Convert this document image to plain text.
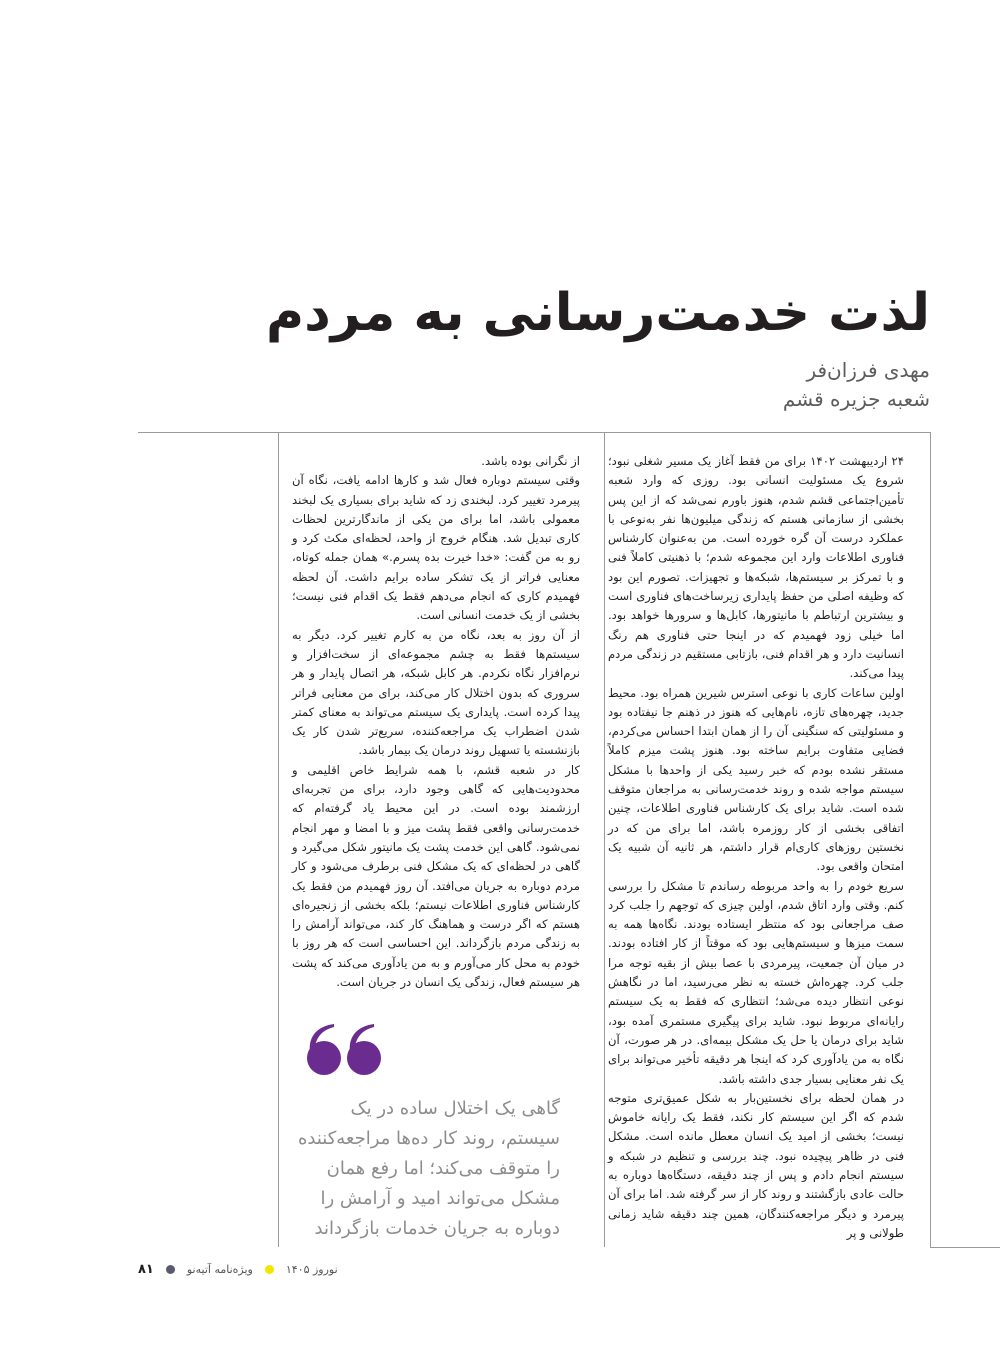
لذت خدمت‌رسانی به مردم
مهدی فرزان‌فر
شعبه جزیره قشم

۲۴ اردیبهشت ۱۴۰۲ برای من فقط آغاز یک مسیر شغلی نبود؛ شروع یک مسئولیت انسانی بود. روزی که وارد شعبه تأمین‌اجتماعی قشم شدم، هنوز باورم نمی‌شد که از این پس بخشی از سازمانی هستم که زندگی میلیون‌ها نفر به‌نوعی با عملکرد درست آن گره خورده است. من به‌عنوان کارشناس فناوری اطلاعات وارد این مجموعه شدم؛ با ذهنیتی کاملاً فنی و با تمرکز بر سیستم‌ها، شبکه‌ها و تجهیزات. تصورم این بود که وظیفه اصلی من حفظ پایداری زیرساخت‌های فناوری است و بیشترین ارتباطم با مانیتورها، کابل‌ها و سرورها خواهد بود. اما خیلی زود فهمیدم که در اینجا حتی فناوری هم رنگ انسانیت دارد و هر اقدام فنی، بازتابی مستقیم در زندگی مردم پیدا می‌کند.

اولین ساعات کاری با نوعی استرس شیرین همراه بود. محیط جدید، چهره‌های تازه، نام‌هایی که هنوز در ذهنم جا نیفتاده بود و مسئولیتی که سنگینی آن را از همان ابتدا احساس می‌کردم، فضایی متفاوت برایم ساخته بود. هنوز پشت میزم کاملاً مستقر نشده بودم که خبر رسید یکی از واحدها با مشکل سیستم مواجه شده و روند خدمت‌رسانی به مراجعان متوقف شده است. شاید برای یک کارشناس فناوری اطلاعات، چنین اتفاقی بخشی از کار روزمره باشد، اما برای من که در نخستین روزهای کاری‌ام قرار داشتم، هر ثانیه آن شبیه یک امتحان واقعی بود.

سریع خودم را به واحد مربوطه رساندم تا مشکل را بررسی کنم. وقتی وارد اتاق شدم، اولین چیزی که توجهم را جلب کرد صف مراجعانی بود که منتظر ایستاده بودند. نگاه‌ها همه به سمت میزها و سیستم‌هایی بود که موقتاً از کار افتاده بودند. در میان آن جمعیت، پیرمردی با عصا بیش از بقیه توجه مرا جلب کرد. چهره‌اش خسته به نظر می‌رسید، اما در نگاهش نوعی انتظار دیده می‌شد؛ انتظاری که فقط به یک سیستم رایانه‌ای مربوط نبود. شاید برای پیگیری مستمری آمده بود، شاید برای درمان یا حل یک مشکل بیمه‌ای. در هر صورت، آن نگاه به من یادآوری کرد که اینجا هر دقیقه تأخیر می‌تواند برای یک نفر معنایی بسیار جدی داشته باشد.

در همان لحظه برای نخستین‌بار به شکل عمیق‌تری متوجه شدم که اگر این سیستم کار نکند، فقط یک رایانه خاموش نیست؛ بخشی از امید یک انسان معطل مانده است. مشکل فنی در ظاهر پیچیده نبود. چند بررسی و تنظیم در شبکه و سیستم انجام دادم و پس از چند دقیقه، دستگاه‌ها دوباره به حالت عادی بازگشتند و روند کار از سر گرفته شد. اما برای آن پیرمرد و دیگر مراجعه‌کنندگان، همین چند دقیقه شاید زمانی طولانی و پر

از نگرانی بوده باشد.

وقتی سیستم دوباره فعال شد و کارها ادامه یافت، نگاه آن پیرمرد تغییر کرد. لبخندی زد که شاید برای بسیاری یک لبخند معمولی باشد، اما برای من یکی از ماندگارترین لحظات کاری تبدیل شد. هنگام خروج از واحد، لحظه‌ای مکث کرد و رو به من گفت: «خدا خیرت بده پسرم.» همان جمله کوتاه، معنایی فراتر از یک تشکر ساده برایم داشت. آن لحظه فهمیدم کاری که انجام می‌دهم فقط یک اقدام فنی نیست؛ بخشی از یک خدمت انسانی است.

از آن روز به بعد، نگاه من به کارم تغییر کرد. دیگر به سیستم‌ها فقط به چشم مجموعه‌ای از سخت‌افزار و نرم‌افزار نگاه نکردم. هر کابل شبکه، هر اتصال پایدار و هر سروری که بدون اختلال کار می‌کند، برای من معنایی فراتر پیدا کرده است. پایداری یک سیستم می‌تواند به معنای کمتر شدن اضطراب یک مراجعه‌کننده، سریع‌تر شدن کار یک بازنشسته یا تسهیل روند درمان یک بیمار باشد.

کار در شعبه قشم، با همه شرایط خاص اقلیمی و محدودیت‌هایی که گاهی وجود دارد، برای من تجربه‌ای ارزشمند بوده است. در این محیط یاد گرفته‌ام که خدمت‌رسانی واقعی فقط پشت میز و با امضا و مهر انجام نمی‌شود. گاهی این خدمت پشت یک مانیتور شکل می‌گیرد و گاهی در لحظه‌ای که یک مشکل فنی برطرف می‌شود و کار مردم دوباره به جریان می‌افتد. آن روز فهمیدم من فقط یک کارشناس فناوری اطلاعات نیستم؛ بلکه بخشی از زنجیره‌ای هستم که اگر درست و هماهنگ کار کند، می‌تواند آرامش را به زندگی مردم بازگرداند. این احساسی است که هر روز با خودم به محل کار می‌آورم و به من یادآوری می‌کند که پشت هر سیستم فعال، زندگی یک انسان در جریان است.

گاهی یک اختلال ساده در یک سیستم، روند کار ده‌ها مراجعه‌کننده را متوقف می‌کند؛ اما رفع همان مشکل می‌تواند امید و آرامش را دوباره به جریان خدمات بازگرداند
۸۱	ویژه‌نامه آتیه‌نو	نوروز ۱۴۰۵
